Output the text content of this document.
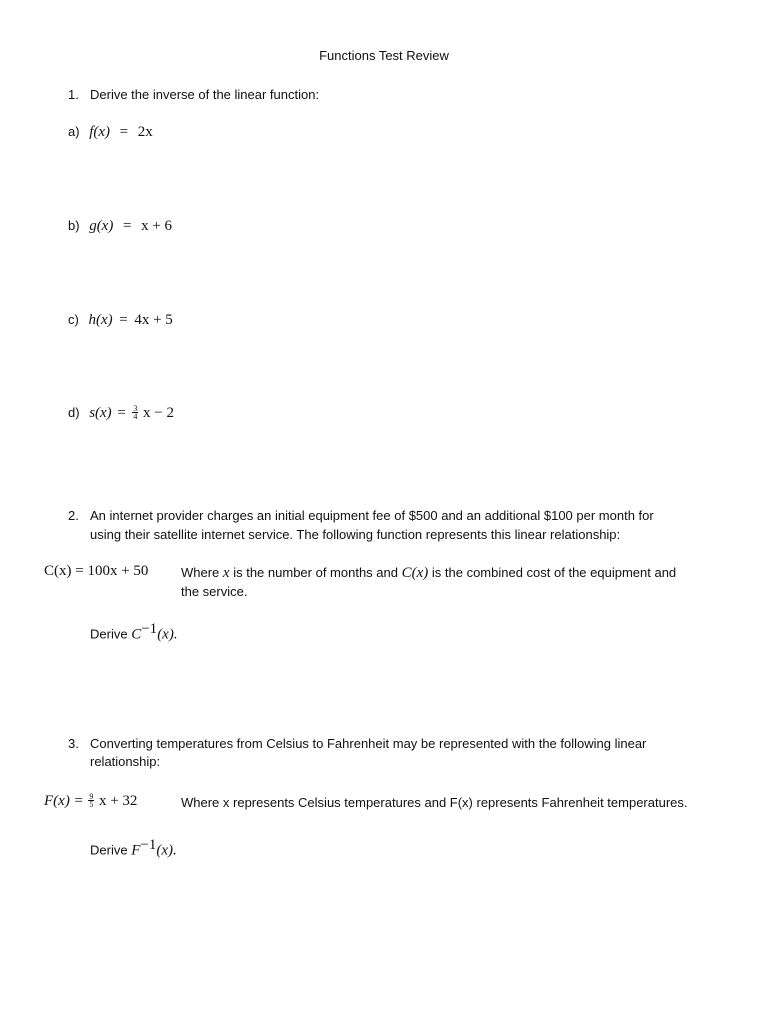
Functions Test Review
1. Derive the inverse of the linear function:
a) f(x) = 2x
b) g(x) = x + 6
c) h(x) = 4x + 5
d) $s(x) = \frac{3}{4}$ x − 2
2. An internet provider charges an initial equipment fee of $500 and an additional $100 per month for
using their satellite internet service. The following function represents this linear relationship:
C(x) = 100x + 50	Where x is the number of months and C(x) is the combined cost of the equipment and
the service.
Derive $C^{-1}(x)$.
3. Converting temperatures from Celsius to Fahrenheit may be represented with the following linear
relationship:
$F(x) = \frac{9}{5}$ x + 32	Where x represents Celsius temperatures and F(x) represents Fahrenheit temperatures.
Derive $F^{-1}(x)$.
